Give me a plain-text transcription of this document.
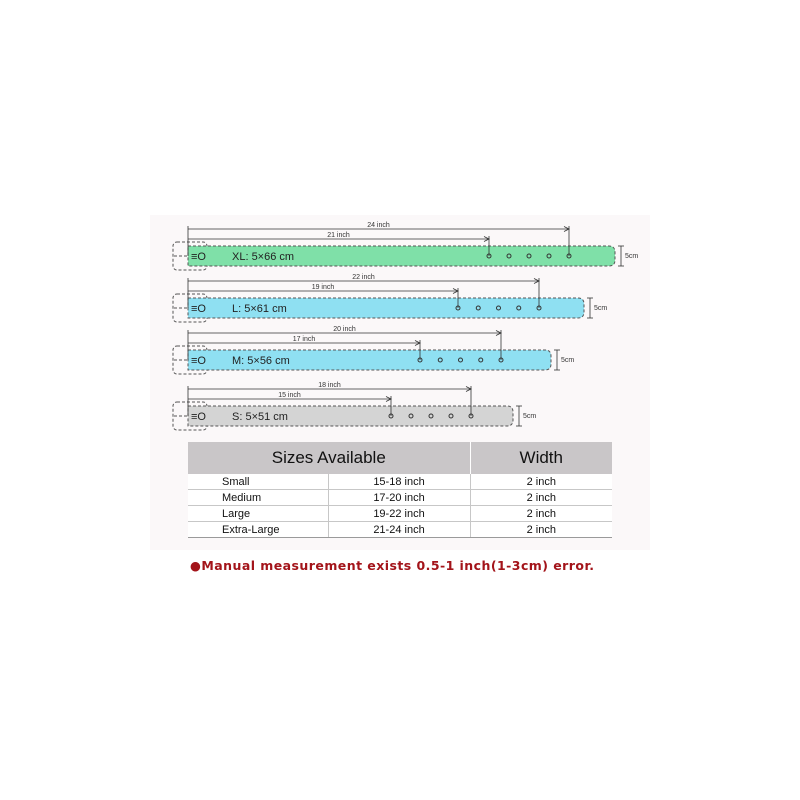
≡O XL: 5×66 cm
24 inch
21 inch
5cm
≡O L: 5×61 cm
22 inch
19 inch
5cm
≡O M: 5×56 cm
20 inch
17 inch
5cm
≡O S: 5×51 cm
18 inch
15 inch
5cm
Sizes Available		Width
Small	15-18 inch	2 inch
Medium	17-20 inch	2 inch
Large	19-22 inch	2 inch
Extra-Large	21-24 inch	2 inch
●Manual measurement exists 0.5-1 inch(1-3cm) error.
